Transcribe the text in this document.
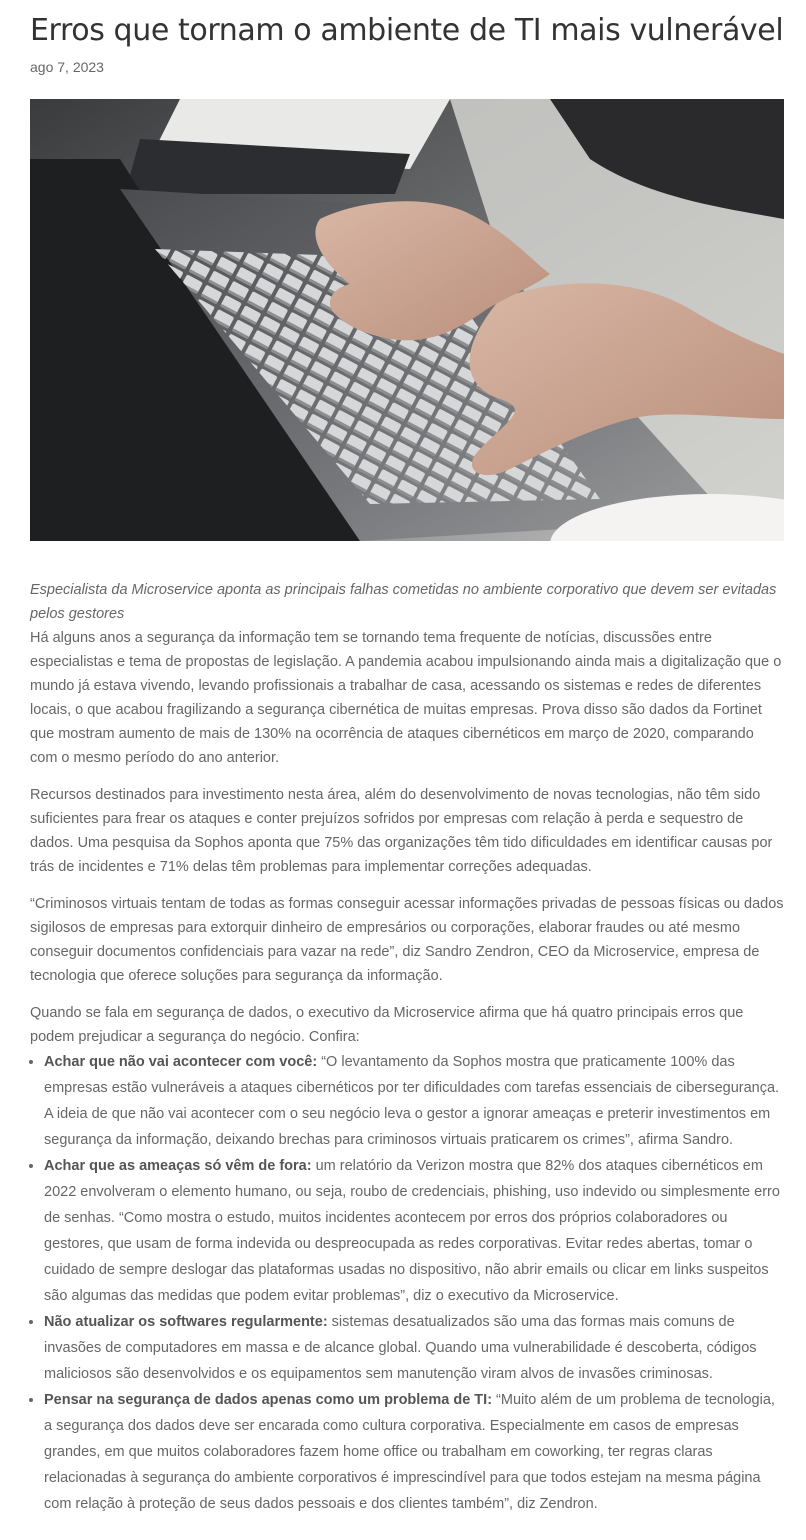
Erros que tornam o ambiente de TI mais vulnerável
ago 7, 2023

Especialista da Microservice aponta as principais falhas cometidas no ambiente corporativo que devem ser evitadas pelos gestores

Há alguns anos a segurança da informação tem se tornando tema frequente de notícias, discussões entre especialistas e tema de propostas de legislação. A pandemia acabou impulsionando ainda mais a digitalização que o mundo já estava vivendo, levando profissionais a trabalhar de casa, acessando os sistemas e redes de diferentes locais, o que acabou fragilizando a segurança cibernética de muitas empresas. Prova disso são dados da Fortinet que mostram aumento de mais de 130% na ocorrência de ataques cibernéticos em março de 2020, comparando com o mesmo período do ano anterior.

Recursos destinados para investimento nesta área, além do desenvolvimento de novas tecnologias, não têm sido suficientes para frear os ataques e conter prejuízos sofridos por empresas com relação à perda e sequestro de dados. Uma pesquisa da Sophos aponta que 75% das organizações têm tido dificuldades em identificar causas por trás de incidentes e 71% delas têm problemas para implementar correções adequadas.

“Criminosos virtuais tentam de todas as formas conseguir acessar informações privadas de pessoas físicas ou dados sigilosos de empresas para extorquir dinheiro de empresários ou corporações, elaborar fraudes ou até mesmo conseguir documentos confidenciais para vazar na rede”, diz Sandro Zendron, CEO da Microservice, empresa de tecnologia que oferece soluções para segurança da informação.

Quando se fala em segurança de dados, o executivo da Microservice afirma que há quatro principais erros que podem prejudicar a segurança do negócio. Confira:

• Achar que não vai acontecer com você: “O levantamento da Sophos mostra que praticamente 100% das empresas estão vulneráveis a ataques cibernéticos por ter dificuldades com tarefas essenciais de cibersegurança. A ideia de que não vai acontecer com o seu negócio leva o gestor a ignorar ameaças e preterir investimentos em segurança da informação, deixando brechas para criminosos virtuais praticarem os crimes”, afirma Sandro.
• Achar que as ameaças só vêm de fora: um relatório da Verizon mostra que 82% dos ataques cibernéticos em 2022 envolveram o elemento humano, ou seja, roubo de credenciais, phishing, uso indevido ou simplesmente erro de senhas. “Como mostra o estudo, muitos incidentes acontecem por erros dos próprios colaboradores ou gestores, que usam de forma indevida ou despreocupada as redes corporativas. Evitar redes abertas, tomar o cuidado de sempre deslogar das plataformas usadas no dispositivo, não abrir emails ou clicar em links suspeitos são algumas das medidas que podem evitar problemas”, diz o executivo da Microservice.
• Não atualizar os softwares regularmente: sistemas desatualizados são uma das formas mais comuns de invasões de computadores em massa e de alcance global. Quando uma vulnerabilidade é descoberta, códigos maliciosos são desenvolvidos e os equipamentos sem manutenção viram alvos de invasões criminosas.
• Pensar na segurança de dados apenas como um problema de TI: “Muito além de um problema de tecnologia, a segurança dos dados deve ser encarada como cultura corporativa. Especialmente em casos de empresas grandes, em que muitos colaboradores fazem home office ou trabalham em coworking, ter regras claras relacionadas à segurança do ambiente corporativos é imprescindível para que todos estejam na mesma página com relação à proteção de seus dados pessoais e dos clientes também”, diz Zendron.
